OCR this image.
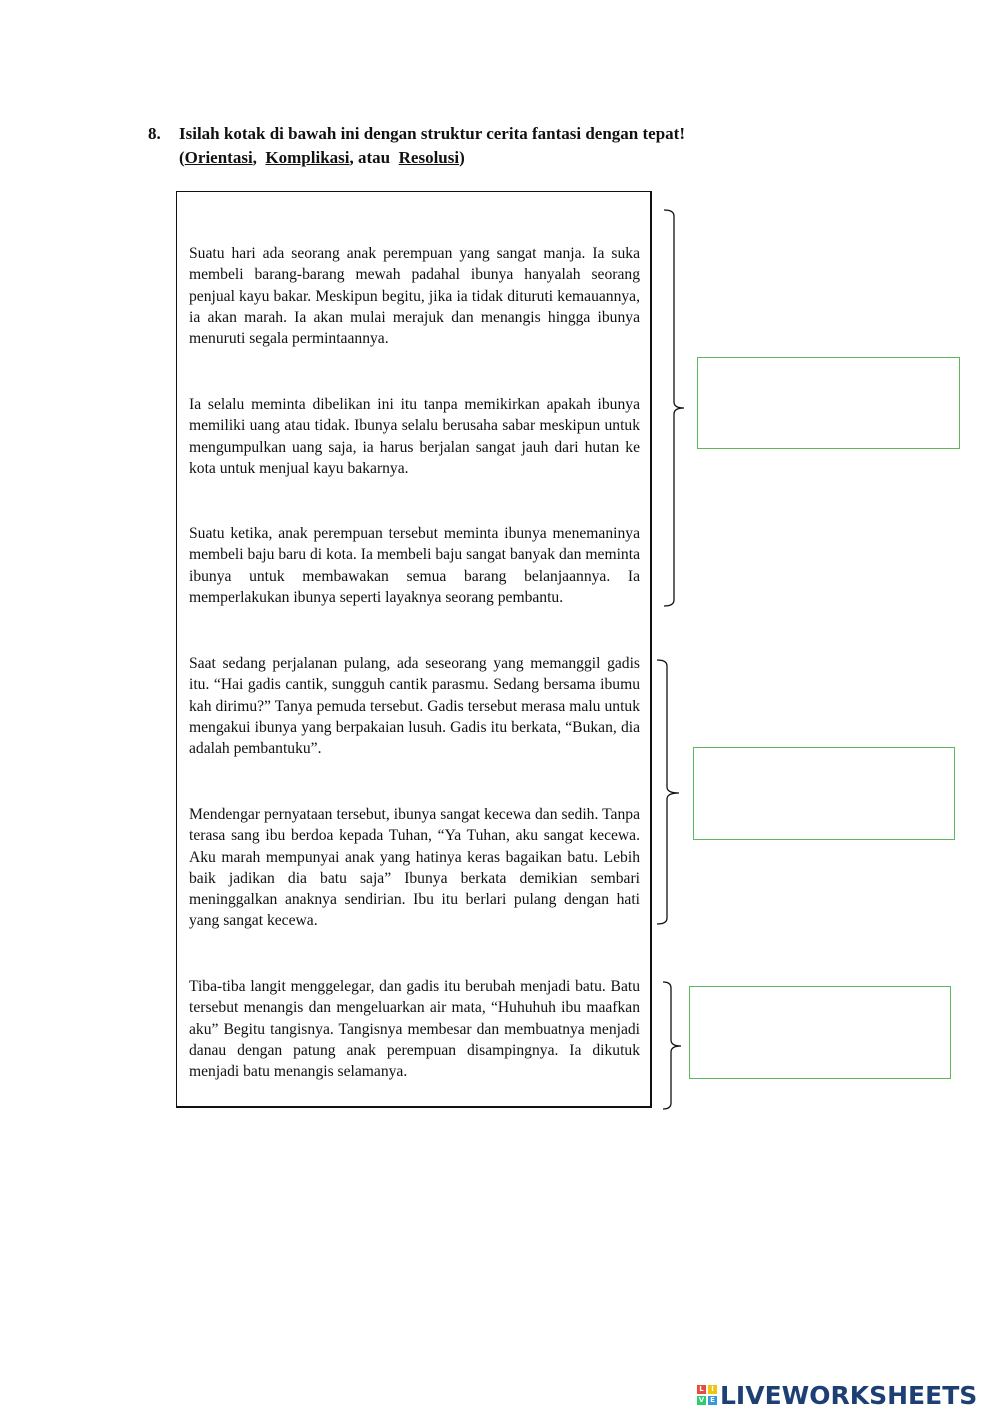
8. Isilah kotak di bawah ini dengan struktur cerita fantasi dengan tepat!
(Orientasi,  Komplikasi, atau  Resolusi)

Suatu hari ada seorang anak perempuan yang sangat manja. Ia suka membeli barang-barang mewah padahal ibunya hanyalah seorang penjual kayu bakar. Meskipun begitu, jika ia tidak dituruti kemauannya, ia akan marah. Ia akan mulai merajuk dan menangis hingga ibunya menuruti segala permintaannya.

Ia selalu meminta dibelikan ini itu tanpa memikirkan apakah ibunya memiliki uang atau tidak. Ibunya selalu berusaha sabar meskipun untuk mengumpulkan uang saja, ia harus berjalan sangat jauh dari hutan ke kota untuk menjual kayu bakarnya.

Suatu ketika, anak perempuan tersebut meminta ibunya menemaninya membeli baju baru di kota. Ia membeli baju sangat banyak dan meminta ibunya untuk membawakan semua barang belanjaannya. Ia memperlakukan ibunya seperti layaknya seorang pembantu.

Saat sedang perjalanan pulang, ada seseorang yang memanggil gadis itu. “Hai gadis cantik, sungguh cantik parasmu. Sedang bersama ibumu kah dirimu?” Tanya pemuda tersebut. Gadis tersebut merasa malu untuk mengakui ibunya yang berpakaian lusuh. Gadis itu berkata, “Bukan, dia adalah pembantuku”.

Mendengar pernyataan tersebut, ibunya sangat kecewa dan sedih. Tanpa terasa sang ibu berdoa kepada Tuhan, “Ya Tuhan, aku sangat kecewa. Aku marah mempunyai anak yang hatinya keras bagaikan batu. Lebih baik jadikan dia batu saja” Ibunya berkata demikian sembari meninggalkan anaknya sendirian. Ibu itu berlari pulang dengan hati yang sangat kecewa.

Tiba-tiba langit menggelegar, dan gadis itu berubah menjadi batu. Batu tersebut menangis dan mengeluarkan air mata, “Huhuhuh ibu maafkan aku” Begitu tangisnya. Tangisnya membesar dan membuatnya menjadi danau dengan patung anak perempuan disampingnya. Ia dikutuk menjadi batu menangis selamanya.

L	I
V E LIVEWORKSHEETS
